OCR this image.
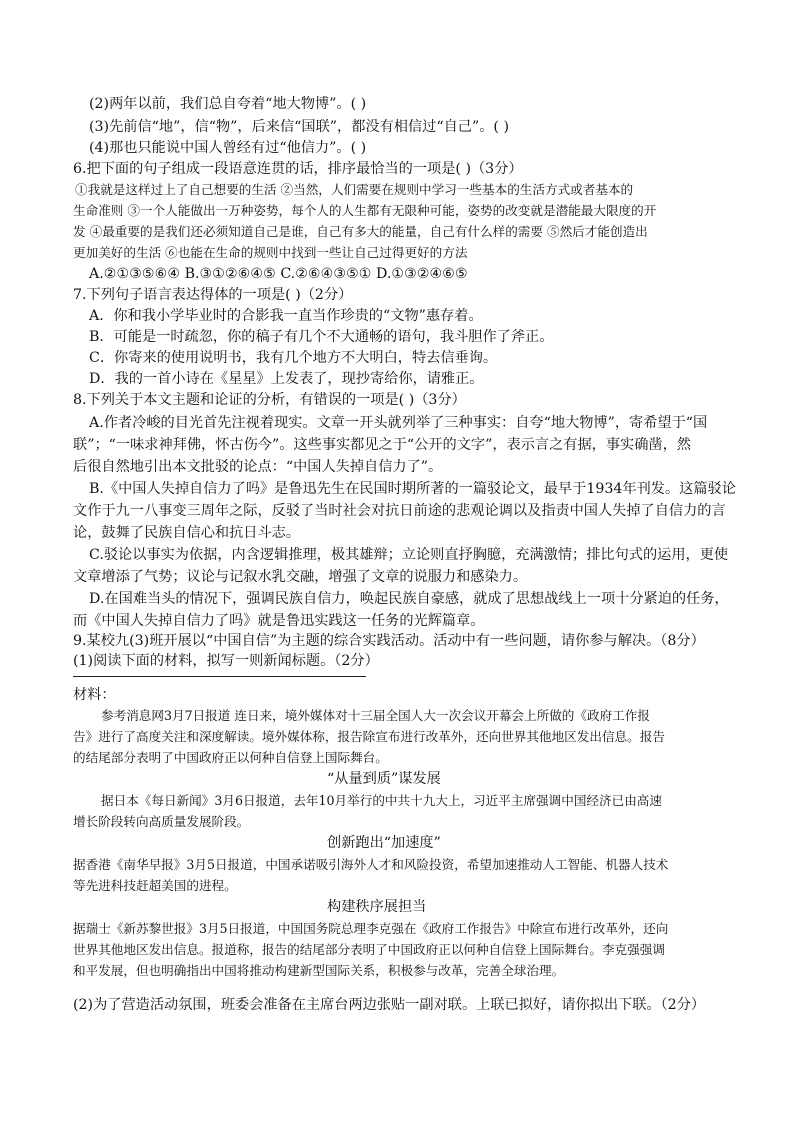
(2)两年以前，我们总自夸着“地大物博”。( )
(3)先前信“地”，信“物”，后来信“国联”，都没有相信过“自己”。( )
(4)那也只能说中国人曾经有过“他信力”。( )
6.把下面的句子组成一段语意连贯的话，排序最恰当的一项是( )（3分）
①我就是这样过上了自己想要的生活 ②当然，人们需要在规则中学习一些基本的生活方式或者基本的
生命准则 ③一个人能做出一万种姿势，每个人的人生都有无限种可能，姿势的改变就是潜能最大限度的开
发 ④最重要的是我们还必须知道自己是谁，自己有多大的能量，自己有什么样的需要 ⑤然后才能创造出
更加美好的生活 ⑥也能在生命的规则中找到一些让自己过得更好的方法
A.②①③⑤⑥④ B.③①②⑥④⑤ C.②⑥④③⑤① D.①③②④⑥⑤
7.下列句子语言表达得体的一项是( )（2分）
A．你和我小学毕业时的合影我一直当作珍贵的“文物”惠存着。
B．可能是一时疏忽，你的稿子有几个不大通畅的语句，我斗胆作了斧正。
C．你寄来的使用说明书，我有几个地方不大明白，特去信垂询。
D．我的一首小诗在《星星》上发表了，现抄寄给你，请雅正。
8.下列关于本文主题和论证的分析，有错误的一项是( )（3分）
A.作者冷峻的目光首先注视着现实。文章一开头就列举了三种事实：自夸“地大物博”，寄希望于“国
联”；“一味求神拜佛，怀古伤今”。这些事实都见之于“公开的文字”，表示言之有据，事实确凿，然
后很自然地引出本文批驳的论点：“中国人失掉自信力了”。
B.《中国人失掉自信力了吗》是鲁迅先生在民国时期所著的一篇驳论文，最早于1934年刊发。这篇驳论
文作于九一八事变三周年之际，反驳了当时社会对抗日前途的悲观论调以及指责中国人失掉了自信力的言
论，鼓舞了民族自信心和抗日斗志。
C.驳论以事实为依据，内含逻辑推理，极其雄辩；立论则直抒胸臆，充满激情；排比句式的运用，更使
文章增添了气势；议论与记叙水乳交融，增强了文章的说服力和感染力。
D.在国难当头的情况下，强调民族自信力，唤起民族自豪感，就成了思想战线上一项十分紧迫的任务，
而《中国人失掉自信力了吗》就是鲁迅实践这一任务的光辉篇章。
9.某校九(3)班开展以“中国自信”为主题的综合实践活动。活动中有一些问题，请你参与解决。（8分）
(1)阅读下面的材料，拟写一则新闻标题。（2分）
材料：
参考消息网3月7日报道 连日来，境外媒体对十三届全国人大一次会议开幕会上所做的《政府工作报
告》进行了高度关注和深度解读。境外媒体称，报告除宣布进行改革外，还向世界其他地区发出信息。报告
的结尾部分表明了中国政府正以何种自信登上国际舞台。
“从量到质”谋发展
据日本《每日新闻》3月6日报道，去年10月举行的中共十九大上，习近平主席强调中国经济已由高速
增长阶段转向高质量发展阶段。
创新跑出“加速度”
据香港《南华早报》3月5日报道，中国承诺吸引海外人才和风险投资，希望加速推动人工智能、机器人技术
等先进科技赶超美国的进程。
构建秩序展担当
据瑞士《新苏黎世报》3月5日报道，中国国务院总理李克强在《政府工作报告》中除宣布进行改革外，还向
世界其他地区发出信息。报道称，报告的结尾部分表明了中国政府正以何种自信登上国际舞台。李克强强调
和平发展，但也明确指出中国将推动构建新型国际关系，积极参与改革，完善全球治理。
(2)为了营造活动氛围，班委会准备在主席台两边张贴一副对联。上联已拟好，请你拟出下联。（2分）
